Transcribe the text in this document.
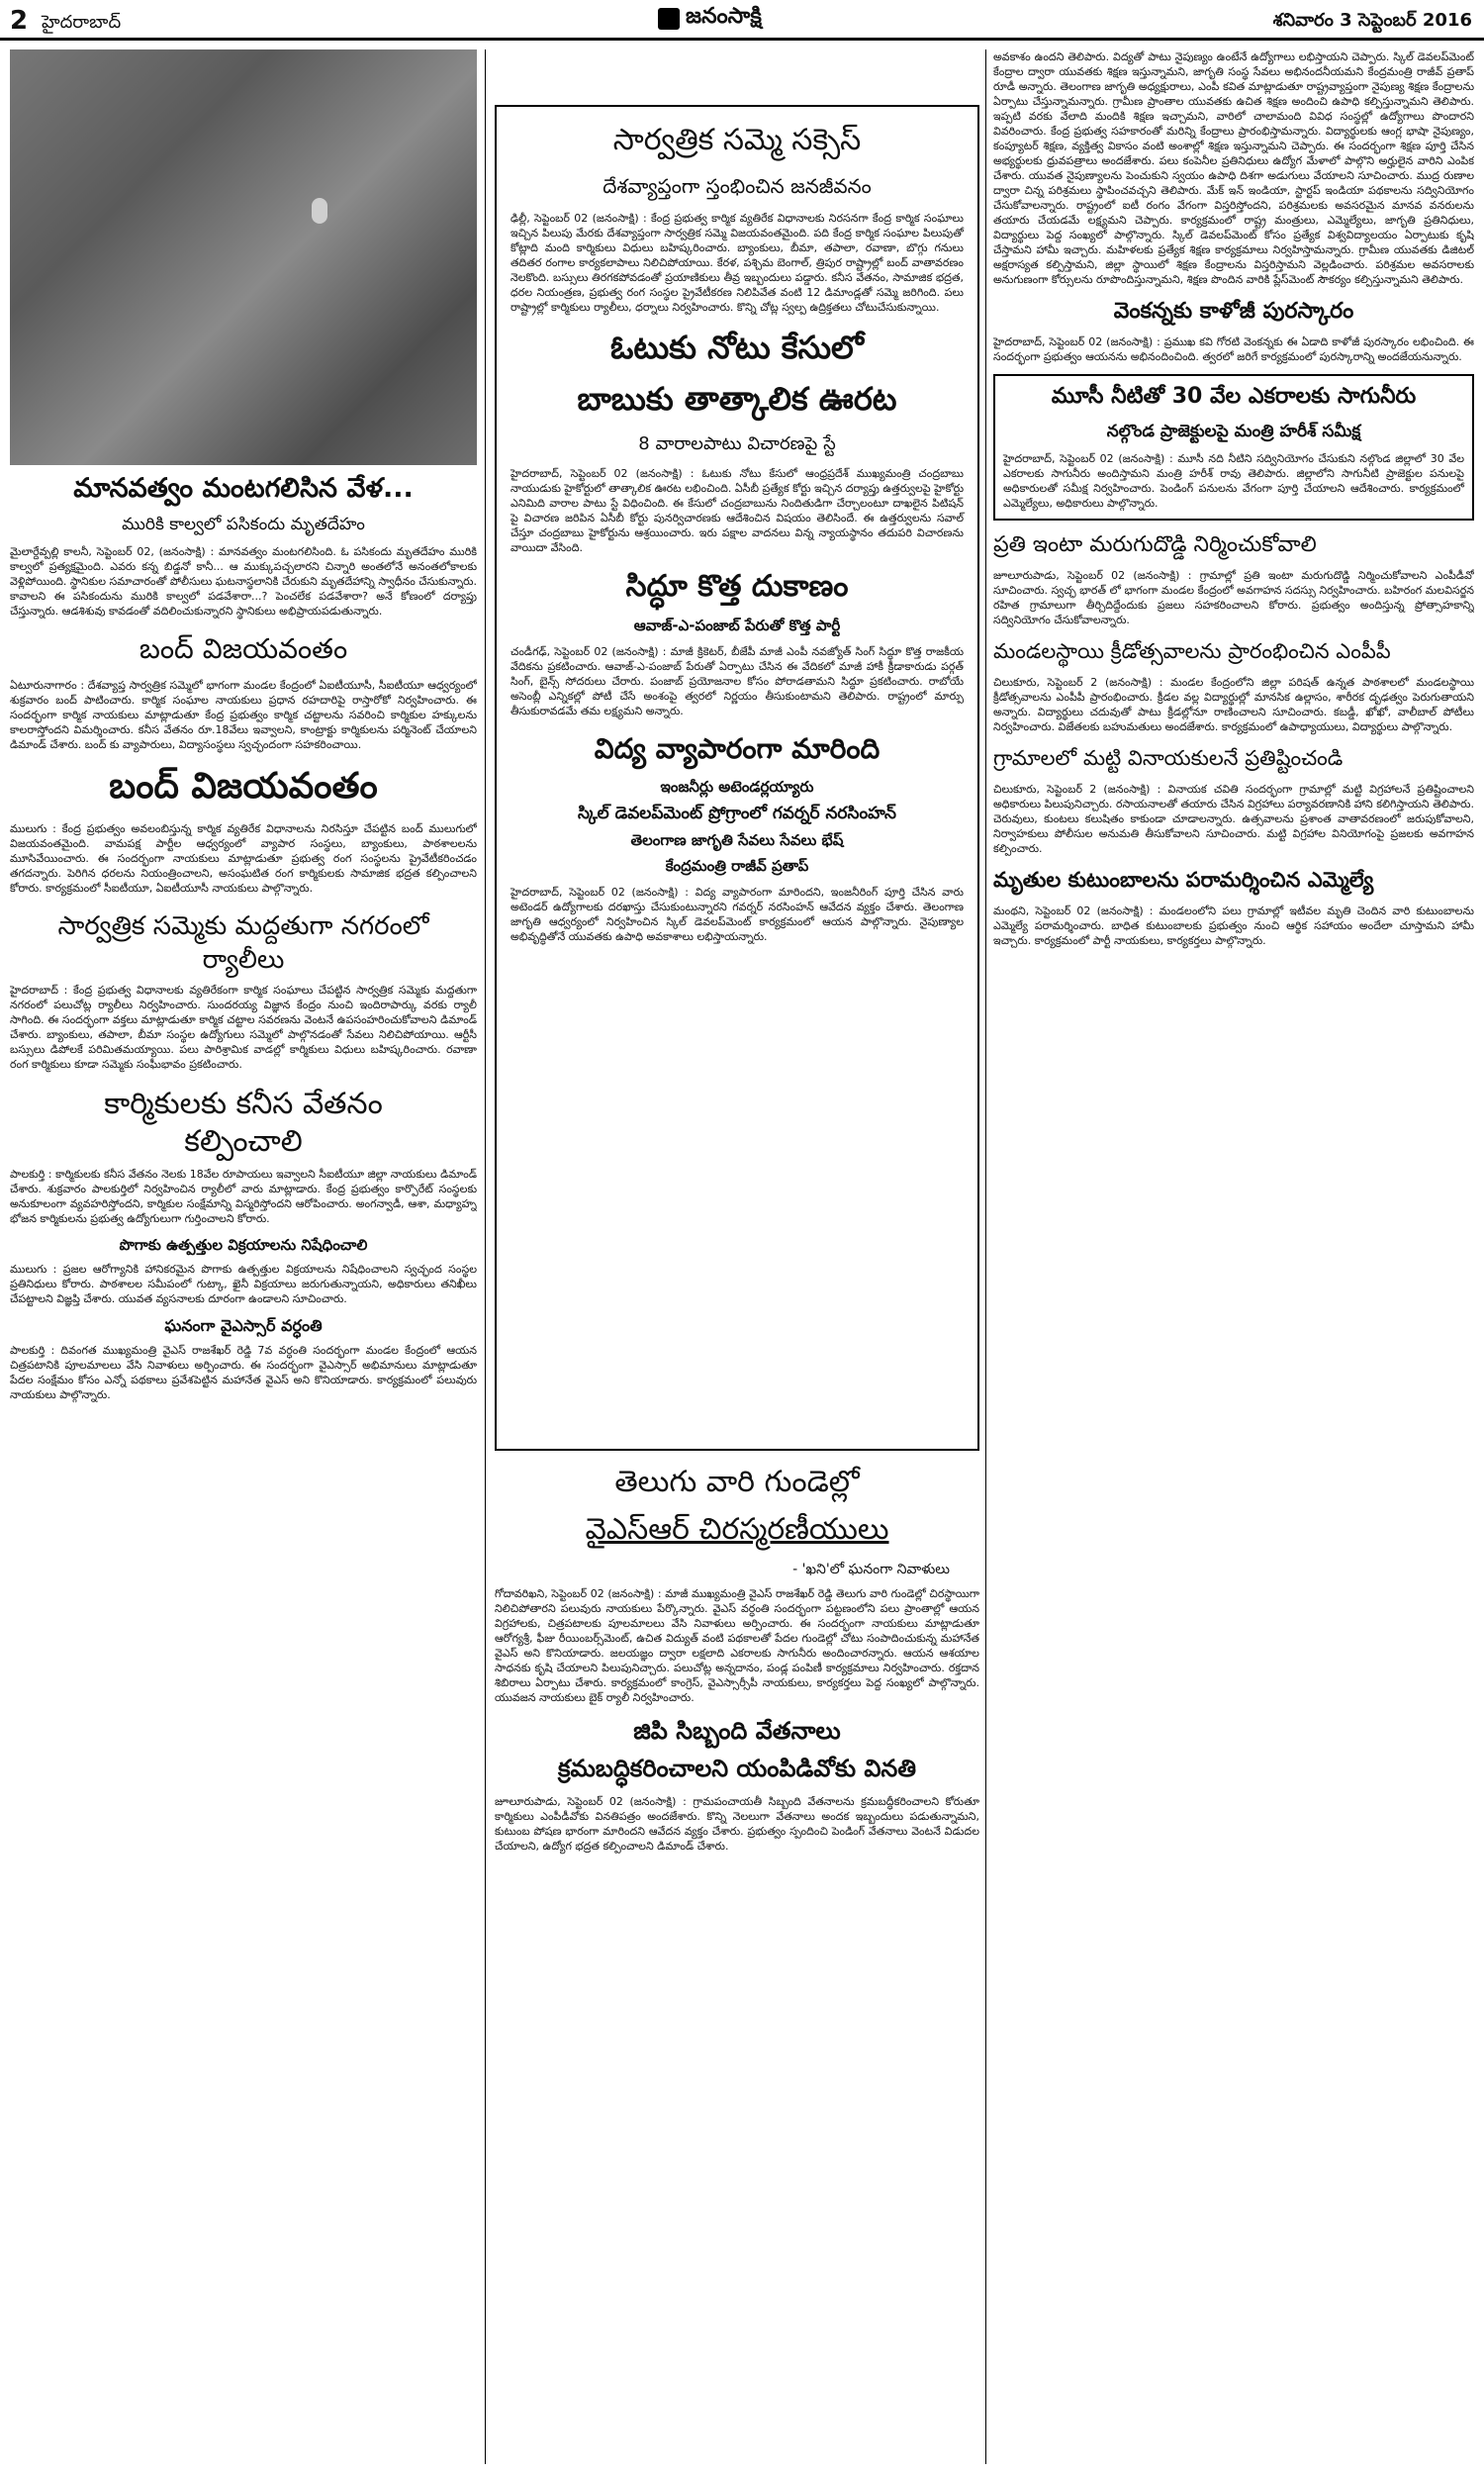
2 హైదరాబాద్	జనంసాక్షి	శనివారం 3 సెప్టెంబర్ 2016

మానవత్వం మంటగలిసిన వేళ...

మురికి కాల్వలో పసికందు మృతదేహం

మైలార్దేవ్పల్లి కాలనీ, సెప్టెంబర్ 02, (జనంసాక్షి) : మానవత్వం మంటగలిసింది. ఓ పసికందు మృతదేహం మురికి కాల్వలో ప్రత్యక్షమైంది. ఎవరు కన్న బిడ్డనో కానీ... ఆ ముక్కుపచ్చలారని చిన్నారి అంతలోనే అనంతలోకాలకు వెళ్లిపోయింది. స్థానికుల సమాచారంతో పోలీసులు ఘటనాస్థలానికి చేరుకుని మృతదేహాన్ని స్వాధీనం చేసుకున్నారు. కావాలని ఈ పసికందును మురికి కాల్వలో పడవేశారా...? పెంచలేక పడవేశారా? అనే కోణంలో దర్యాప్తు చేస్తున్నారు. ఆడశిశువు కావడంతో వదిలించుకున్నారని స్థానికులు అభిప్రాయపడుతున్నారు.

బంద్ విజయవంతం

ఏటూరునాగారం : దేశవ్యాప్త సార్వత్రిక సమ్మెలో భాగంగా మండల కేంద్రంలో ఏఐటీయూసీ, సీఐటీయూ ఆధ్వర్యంలో శుక్రవారం బంద్ పాటించారు. కార్మిక సంఘాల నాయకులు ప్రధాన రహదారిపై రాస్తారోకో నిర్వహించారు. ఈ సందర్భంగా కార్మిక నాయకులు మాట్లాడుతూ కేంద్ర ప్రభుత్వం కార్మిక చట్టాలను సవరించి కార్మికుల హక్కులను కాలరాస్తోందని విమర్శించారు. కనీస వేతనం రూ.18వేలు ఇవ్వాలని, కాంట్రాక్టు కార్మికులను పర్మినెంట్ చేయాలని డిమాండ్ చేశారు. బంద్ కు వ్యాపారులు, విద్యాసంస్థలు స్వచ్ఛందంగా సహకరించాయి.

బంద్ విజయవంతం

ములుగు : కేంద్ర ప్రభుత్వం అవలంబిస్తున్న కార్మిక వ్యతిరేక విధానాలను నిరసిస్తూ చేపట్టిన బంద్ ములుగులో విజయవంతమైంది. వామపక్ష పార్టీల ఆధ్వర్యంలో వ్యాపార సంస్థలు, బ్యాంకులు, పాఠశాలలను మూసివేయించారు. ఈ సందర్భంగా నాయకులు మాట్లాడుతూ ప్రభుత్వ రంగ సంస్థలను ప్రైవేటీకరించడం తగదన్నారు. పెరిగిన ధరలను నియంత్రించాలని, అసంఘటిత రంగ కార్మికులకు సామాజిక భద్రత కల్పించాలని కోరారు. కార్యక్రమంలో సీఐటీయూ, ఏఐటీయూసీ నాయకులు పాల్గొన్నారు.

సార్వత్రిక సమ్మెకు మద్దతుగా నగరంలో ర్యాలీలు

హైదరాబాద్ : కేంద్ర ప్రభుత్వ విధానాలకు వ్యతిరేకంగా కార్మిక సంఘాలు చేపట్టిన సార్వత్రిక సమ్మెకు మద్దతుగా నగరంలో పలుచోట్ల ర్యాలీలు నిర్వహించారు. సుందరయ్య విజ్ఞాన కేంద్రం నుంచి ఇందిరాపార్కు వరకు ర్యాలీ సాగింది. ఈ సందర్భంగా వక్తలు మాట్లాడుతూ కార్మిక చట్టాల సవరణను వెంటనే ఉపసంహరించుకోవాలని డిమాండ్ చేశారు. బ్యాంకులు, తపాలా, బీమా సంస్థల ఉద్యోగులు సమ్మెలో పాల్గొనడంతో సేవలు నిలిచిపోయాయి. ఆర్టీసీ బస్సులు డిపోలకే పరిమితమయ్యాయి. పలు పారిశ్రామిక వాడల్లో కార్మికులు విధులు బహిష్కరించారు. రవాణా రంగ కార్మికులు కూడా సమ్మెకు సంఘీభావం ప్రకటించారు.

కార్మికులకు కనీస వేతనం కల్పించాలి

పాలకుర్తి : కార్మికులకు కనీస వేతనం నెలకు 18వేల రూపాయలు ఇవ్వాలని సీఐటీయూ జిల్లా నాయకులు డిమాండ్ చేశారు. శుక్రవారం పాలకుర్తిలో నిర్వహించిన ర్యాలీలో వారు మాట్లాడారు. కేంద్ర ప్రభుత్వం కార్పొరేట్ సంస్థలకు అనుకూలంగా వ్యవహరిస్తోందని, కార్మికుల సంక్షేమాన్ని విస్మరిస్తోందని ఆరోపించారు. అంగన్వాడీ, ఆశా, మధ్యాహ్న భోజన కార్మికులను ప్రభుత్వ ఉద్యోగులుగా గుర్తించాలని కోరారు.

పొగాకు ఉత్పత్తుల విక్రయాలను నిషేధించాలి

ములుగు : ప్రజల ఆరోగ్యానికి హానికరమైన పొగాకు ఉత్పత్తుల విక్రయాలను నిషేధించాలని స్వచ్ఛంద సంస్థల ప్రతినిధులు కోరారు. పాఠశాలల సమీపంలో గుట్కా, ఖైనీ విక్రయాలు జరుగుతున్నాయని, అధికారులు తనిఖీలు చేపట్టాలని విజ్ఞప్తి చేశారు. యువత వ్యసనాలకు దూరంగా ఉండాలని సూచించారు.

ఘనంగా వైఎస్సార్ వర్ధంతి

పాలకుర్తి : దివంగత ముఖ్యమంత్రి వైఎస్ రాజశేఖర్ రెడ్డి 7వ వర్ధంతి సందర్భంగా మండల కేంద్రంలో ఆయన చిత్రపటానికి పూలమాలలు వేసి నివాళులు అర్పించారు. ఈ సందర్భంగా వైఎస్సార్ అభిమానులు మాట్లాడుతూ పేదల సంక్షేమం కోసం ఎన్నో పథకాలు ప్రవేశపెట్టిన మహానేత వైఎస్ అని కొనియాడారు. కార్యక్రమంలో పలువురు నాయకులు పాల్గొన్నారు.

సార్వత్రిక సమ్మె సక్సెస్

దేశవ్యాప్తంగా స్తంభించిన జనజీవనం

ఢిల్లీ, సెప్టెంబర్ 02 (జనంసాక్షి) : కేంద్ర ప్రభుత్వ కార్మిక వ్యతిరేక విధానాలకు నిరసనగా కేంద్ర కార్మిక సంఘాలు ఇచ్చిన పిలుపు మేరకు దేశవ్యాప్తంగా సార్వత్రిక సమ్మె విజయవంతమైంది. పది కేంద్ర కార్మిక సంఘాల పిలుపుతో కోట్లాది మంది కార్మికులు విధులు బహిష్కరించారు. బ్యాంకులు, బీమా, తపాలా, రవాణా, బొగ్గు గనులు తదితర రంగాల కార్యకలాపాలు నిలిచిపోయాయి. కేరళ, పశ్చిమ బెంగాల్, త్రిపుర రాష్ట్రాల్లో బంద్ వాతావరణం నెలకొంది. బస్సులు తిరగకపోవడంతో ప్రయాణికులు తీవ్ర ఇబ్బందులు పడ్డారు. కనీస వేతనం, సామాజిక భద్రత, ధరల నియంత్రణ, ప్రభుత్వ రంగ సంస్థల ప్రైవేటీకరణ నిలిపివేత వంటి 12 డిమాండ్లతో సమ్మె జరిగింది. పలు రాష్ట్రాల్లో కార్మికులు ర్యాలీలు, ధర్నాలు నిర్వహించారు. కొన్ని చోట్ల స్వల్ప ఉద్రిక్తతలు చోటుచేసుకున్నాయి.

ఓటుకు నోటు కేసులో

బాబుకు తాత్కాలిక ఊరట

8 వారాలపాటు విచారణపై స్టే

హైదరాబాద్, సెప్టెంబర్ 02 (జనంసాక్షి) : ఓటుకు నోటు కేసులో ఆంధ్రప్రదేశ్ ముఖ్యమంత్రి చంద్రబాబు నాయుడుకు హైకోర్టులో తాత్కాలిక ఊరట లభించింది. ఏసీబీ ప్రత్యేక కోర్టు ఇచ్చిన దర్యాప్తు ఉత్తర్వులపై హైకోర్టు ఎనిమిది వారాల పాటు స్టే విధించింది. ఈ కేసులో చంద్రబాబును నిందితుడిగా చేర్చాలంటూ దాఖలైన పిటిషన్ పై విచారణ జరిపిన ఏసీబీ కోర్టు పునర్విచారణకు ఆదేశించిన విషయం తెలిసిందే. ఈ ఉత్తర్వులను సవాల్ చేస్తూ చంద్రబాబు హైకోర్టును ఆశ్రయించారు. ఇరు పక్షాల వాదనలు విన్న న్యాయస్థానం తదుపరి విచారణను వాయిదా వేసింది.

సిద్ధూ కొత్త దుకాణం

ఆవాజ్-ఎ-పంజాబ్ పేరుతో కొత్త పార్టీ

చండీగఢ్, సెప్టెంబర్ 02 (జనంసాక్షి) : మాజీ క్రికెటర్, బీజేపీ మాజీ ఎంపీ నవజ్యోత్ సింగ్ సిద్ధూ కొత్త రాజకీయ వేదికను ప్రకటించారు. ఆవాజ్-ఎ-పంజాబ్ పేరుతో ఏర్పాటు చేసిన ఈ వేదికలో మాజీ హాకీ క్రీడాకారుడు పర్గత్ సింగ్, బైన్స్ సోదరులు చేరారు. పంజాబ్ ప్రయోజనాల కోసం పోరాడతామని సిద్ధూ ప్రకటించారు. రాబోయే అసెంబ్లీ ఎన్నికల్లో పోటీ చేసే అంశంపై త్వరలో నిర్ణయం తీసుకుంటామని తెలిపారు. రాష్ట్రంలో మార్పు తీసుకురావడమే తమ లక్ష్యమని అన్నారు.

విద్య వ్యాపారంగా మారింది

ఇంజనీర్లు అటెండర్లయ్యారు

స్కిల్ డెవలప్‌మెంట్ ప్రోగ్రాంలో గవర్నర్ నరసింహన్

తెలంగాణ జాగృతి సేవలు సేవలు భేష్

కేంద్రమంత్రి రాజీవ్ ప్రతాప్

హైదరాబాద్, సెప్టెంబర్ 02 (జనంసాక్షి) : విద్య వ్యాపారంగా మారిందని, ఇంజనీరింగ్ పూర్తి చేసిన వారు అటెండర్ ఉద్యోగాలకు దరఖాస్తు చేసుకుంటున్నారని గవర్నర్ నరసింహన్ ఆవేదన వ్యక్తం చేశారు. తెలంగాణ జాగృతి ఆధ్వర్యంలో నిర్వహించిన స్కిల్ డెవలప్‌మెంట్ కార్యక్రమంలో ఆయన పాల్గొన్నారు. నైపుణ్యాల అభివృద్ధితోనే యువతకు ఉపాధి అవకాశాలు లభిస్తాయన్నారు.

తెలుగు వారి గుండెల్లో

వైఎస్ఆర్ చిరస్మరణీయులు

- 'ఖని'లో ఘనంగా నివాళులు

గోదావరిఖని, సెప్టెంబర్ 02 (జనంసాక్షి) : మాజీ ముఖ్యమంత్రి వైఎస్ రాజశేఖర్ రెడ్డి తెలుగు వారి గుండెల్లో చిరస్థాయిగా నిలిచిపోతారని పలువురు నాయకులు పేర్కొన్నారు. వైఎస్ వర్ధంతి సందర్భంగా పట్టణంలోని పలు ప్రాంతాల్లో ఆయన విగ్రహాలకు, చిత్రపటాలకు పూలమాలలు వేసి నివాళులు అర్పించారు. ఈ సందర్భంగా నాయకులు మాట్లాడుతూ ఆరోగ్యశ్రీ, ఫీజు రీయింబర్స్‌మెంట్, ఉచిత విద్యుత్ వంటి పథకాలతో పేదల గుండెల్లో చోటు సంపాదించుకున్న మహానేత వైఎస్ అని కొనియాడారు. జలయజ్ఞం ద్వారా లక్షలాది ఎకరాలకు సాగునీరు అందించారన్నారు. ఆయన ఆశయాల సాధనకు కృషి చేయాలని పిలుపునిచ్చారు. పలుచోట్ల అన్నదానం, పండ్ల పంపిణీ కార్యక్రమాలు నిర్వహించారు. రక్తదాన శిబిరాలు ఏర్పాటు చేశారు. కార్యక్రమంలో కాంగ్రెస్, వైఎస్సార్సీపీ నాయకులు, కార్యకర్తలు పెద్ద సంఖ్యలో పాల్గొన్నారు. యువజన నాయకులు బైక్ ర్యాలీ నిర్వహించారు.

జిపి సిబ్బంది వేతనాలు

క్రమబద్ధికరించాలని యంపిడివోకు వినతి

జూలూరుపాడు, సెప్టెంబర్ 02 (జనంసాక్షి) : గ్రామపంచాయతీ సిబ్బంది వేతనాలను క్రమబద్ధీకరించాలని కోరుతూ కార్మికులు ఎంపీడీవోకు వినతిపత్రం అందజేశారు. కొన్ని నెలలుగా వేతనాలు అందక ఇబ్బందులు పడుతున్నామని, కుటుంబ పోషణ భారంగా మారిందని ఆవేదన వ్యక్తం చేశారు. ప్రభుత్వం స్పందించి పెండింగ్ వేతనాలు వెంటనే విడుదల చేయాలని, ఉద్యోగ భద్రత కల్పించాలని డిమాండ్ చేశారు.

అవకాశం ఉందని తెలిపారు. విద్యతో పాటు నైపుణ్యం ఉంటేనే ఉద్యోగాలు లభిస్తాయని చెప్పారు. స్కిల్ డెవలప్‌మెంట్ కేంద్రాల ద్వారా యువతకు శిక్షణ ఇస్తున్నామని, జాగృతి సంస్థ సేవలు అభినందనీయమని కేంద్రమంత్రి రాజీవ్ ప్రతాప్ రూడీ అన్నారు. తెలంగాణ జాగృతి అధ్యక్షురాలు, ఎంపీ కవిత మాట్లాడుతూ రాష్ట్రవ్యాప్తంగా నైపుణ్య శిక్షణ కేంద్రాలను ఏర్పాటు చేస్తున్నామన్నారు. గ్రామీణ ప్రాంతాల యువతకు ఉచిత శిక్షణ అందించి ఉపాధి కల్పిస్తున్నామని తెలిపారు. ఇప్పటి వరకు వేలాది మందికి శిక్షణ ఇచ్చామని, వారిలో చాలామంది వివిధ సంస్థల్లో ఉద్యోగాలు పొందారని వివరించారు. కేంద్ర ప్రభుత్వ సహకారంతో మరిన్ని కేంద్రాలు ప్రారంభిస్తామన్నారు. విద్యార్థులకు ఆంగ్ల భాషా నైపుణ్యం, కంప్యూటర్ శిక్షణ, వ్యక్తిత్వ వికాసం వంటి అంశాల్లో శిక్షణ ఇస్తున్నామని చెప్పారు. ఈ సందర్భంగా శిక్షణ పూర్తి చేసిన అభ్యర్థులకు ధ్రువపత్రాలు అందజేశారు. పలు కంపెనీల ప్రతినిధులు ఉద్యోగ మేళాలో పాల్గొని అర్హులైన వారిని ఎంపిక చేశారు. యువత నైపుణ్యాలను పెంచుకుని స్వయం ఉపాధి దిశగా అడుగులు వేయాలని సూచించారు. ముద్ర రుణాల ద్వారా చిన్న పరిశ్రమలు స్థాపించవచ్చని తెలిపారు. మేక్ ఇన్ ఇండియా, స్టార్టప్ ఇండియా పథకాలను సద్వినియోగం చేసుకోవాలన్నారు. రాష్ట్రంలో ఐటీ రంగం వేగంగా విస్తరిస్తోందని, పరిశ్రమలకు అవసరమైన మానవ వనరులను తయారు చేయడమే లక్ష్యమని చెప్పారు. కార్యక్రమంలో రాష్ట్ర మంత్రులు, ఎమ్మెల్యేలు, జాగృతి ప్రతినిధులు, విద్యార్థులు పెద్ద సంఖ్యలో పాల్గొన్నారు. స్కిల్ డెవలప్‌మెంట్ కోసం ప్రత్యేక విశ్వవిద్యాలయం ఏర్పాటుకు కృషి చేస్తామని హామీ ఇచ్చారు. మహిళలకు ప్రత్యేక శిక్షణ కార్యక్రమాలు నిర్వహిస్తామన్నారు. గ్రామీణ యువతకు డిజిటల్ అక్షరాస్యత కల్పిస్తామని, జిల్లా స్థాయిలో శిక్షణ కేంద్రాలను విస్తరిస్తామని వెల్లడించారు. పరిశ్రమల అవసరాలకు అనుగుణంగా కోర్సులను రూపొందిస్తున్నామని, శిక్షణ పొందిన వారికి ప్లేస్‌మెంట్ సౌకర్యం కల్పిస్తున్నామని తెలిపారు.

వెంకన్నకు కాళోజీ పురస్కారం

హైదరాబాద్, సెప్టెంబర్ 02 (జనంసాక్షి) : ప్రముఖ కవి గోరటి వెంకన్నకు ఈ ఏడాది కాళోజీ పురస్కారం లభించింది. ఈ సందర్భంగా ప్రభుత్వం ఆయనను అభినందించింది. త్వరలో జరిగే కార్యక్రమంలో పురస్కారాన్ని అందజేయనున్నారు.

మూసీ నీటితో 30 వేల ఎకరాలకు సాగునీరు

నల్గొండ ప్రాజెక్టులపై మంత్రి హరీశ్ సమీక్ష

హైదరాబాద్, సెప్టెంబర్ 02 (జనంసాక్షి) : మూసీ నది నీటిని సద్వినియోగం చేసుకుని నల్గొండ జిల్లాలో 30 వేల ఎకరాలకు సాగునీరు అందిస్తామని మంత్రి హరీశ్ రావు తెలిపారు. జిల్లాలోని సాగునీటి ప్రాజెక్టుల పనులపై అధికారులతో సమీక్ష నిర్వహించారు. పెండింగ్ పనులను వేగంగా పూర్తి చేయాలని ఆదేశించారు. కార్యక్రమంలో ఎమ్మెల్యేలు, అధికారులు పాల్గొన్నారు.

ప్రతి ఇంటా మరుగుదొడ్డి నిర్మించుకోవాలి

జూలూరుపాడు, సెప్టెంబర్ 02 (జనంసాక్షి) : గ్రామాల్లో ప్రతి ఇంటా మరుగుదొడ్డి నిర్మించుకోవాలని ఎంపీడీవో సూచించారు. స్వచ్ఛ భారత్ లో భాగంగా మండల కేంద్రంలో అవగాహన సదస్సు నిర్వహించారు. బహిరంగ మలవిసర్జన రహిత గ్రామాలుగా తీర్చిదిద్దేందుకు ప్రజలు సహకరించాలని కోరారు. ప్రభుత్వం అందిస్తున్న ప్రోత్సాహకాన్ని సద్వినియోగం చేసుకోవాలన్నారు.

మండలస్థాయి క్రీడోత్సవాలను ప్రారంభించిన ఎంపీపీ

చిలుకూరు, సెప్టెంబర్ 2 (జనంసాక్షి) : మండల కేంద్రంలోని జిల్లా పరిషత్ ఉన్నత పాఠశాలలో మండలస్థాయి క్రీడోత్సవాలను ఎంపీపీ ప్రారంభించారు. క్రీడల వల్ల విద్యార్థుల్లో మానసిక ఉల్లాసం, శారీరక దృఢత్వం పెరుగుతాయని అన్నారు. విద్యార్థులు చదువుతో పాటు క్రీడల్లోనూ రాణించాలని సూచించారు. కబడ్డీ, ఖోఖో, వాలీబాల్ పోటీలు నిర్వహించారు. విజేతలకు బహుమతులు అందజేశారు. కార్యక్రమంలో ఉపాధ్యాయులు, విద్యార్థులు పాల్గొన్నారు.

గ్రామాలలో మట్టి వినాయకులనే ప్రతిష్టించండి

చిలుకూరు, సెప్టెంబర్ 2 (జనంసాక్షి) : వినాయక చవితి సందర్భంగా గ్రామాల్లో మట్టి విగ్రహాలనే ప్రతిష్టించాలని అధికారులు పిలుపునిచ్చారు. రసాయనాలతో తయారు చేసిన విగ్రహాలు పర్యావరణానికి హాని కలిగిస్తాయని తెలిపారు. చెరువులు, కుంటలు కలుషితం కాకుండా చూడాలన్నారు. ఉత్సవాలను ప్రశాంత వాతావరణంలో జరుపుకోవాలని, నిర్వాహకులు పోలీసుల అనుమతి తీసుకోవాలని సూచించారు. మట్టి విగ్రహాల వినియోగంపై ప్రజలకు అవగాహన కల్పించారు.

మృతుల కుటుంబాలను పరామర్శించిన ఎమ్మెల్యే

మంథని, సెప్టెంబర్ 02 (జనంసాక్షి) : మండలంలోని పలు గ్రామాల్లో ఇటీవల మృతి చెందిన వారి కుటుంబాలను ఎమ్మెల్యే పరామర్శించారు. బాధిత కుటుంబాలకు ప్రభుత్వం నుంచి ఆర్థిక సహాయం అందేలా చూస్తామని హామీ ఇచ్చారు. కార్యక్రమంలో పార్టీ నాయకులు, కార్యకర్తలు పాల్గొన్నారు.
